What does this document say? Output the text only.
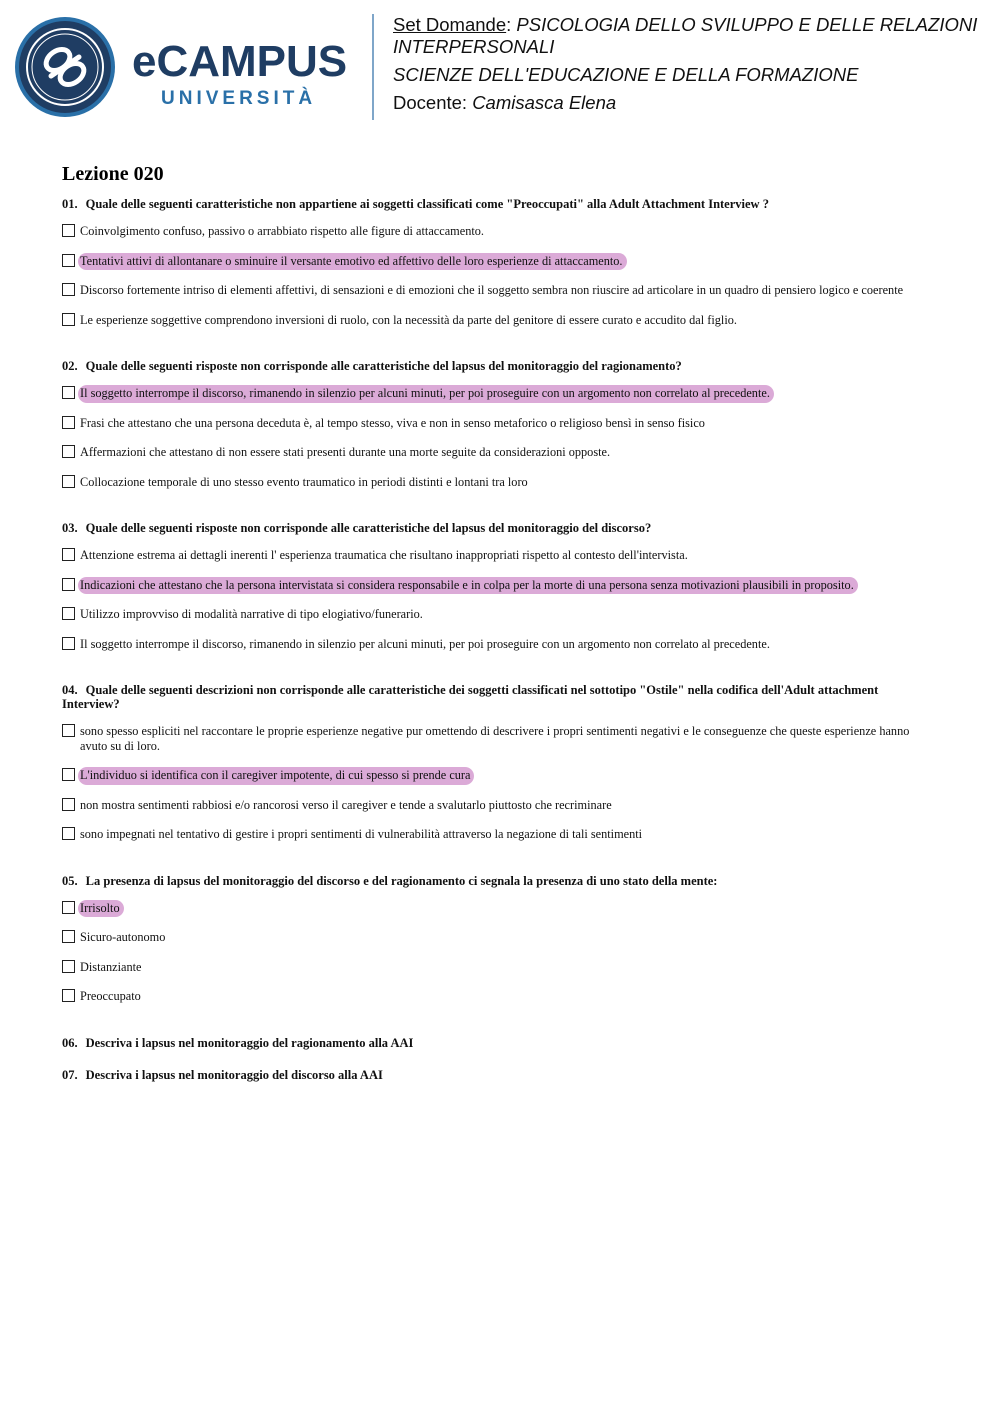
eCAMPUS
UNIVERSITÀ
Set Domande: PSICOLOGIA DELLO SVILUPPO E DELLE RELAZIONI
INTERPERSONALI
SCIENZE DELL'EDUCAZIONE E DELLA FORMAZIONE
Docente: Camisasca Elena
Lezione 020
01. Quale delle seguenti caratteristiche non appartiene ai soggetti classificati come "Preoccupati" alla Adult Attachment Interview ?
Coinvolgimento confuso, passivo o arrabbiato rispetto alle figure di attaccamento.
Tentativi attivi di allontanare o sminuire il versante emotivo ed affettivo delle loro esperienze di attaccamento.
Discorso fortemente intriso di elementi affettivi, di sensazioni e di emozioni che il soggetto sembra non riuscire ad articolare in un quadro di pensiero logico e coerente
Le esperienze soggettive comprendono inversioni di ruolo, con la necessità da parte del genitore di essere curato e accudito dal figlio.
02. Quale delle seguenti risposte non corrisponde alle caratteristiche del lapsus del monitoraggio del ragionamento?
Il soggetto interrompe il discorso, rimanendo in silenzio per alcuni minuti, per poi proseguire con un argomento non correlato al precedente.
Frasi che attestano che una persona deceduta è, al tempo stesso, viva e non in senso metaforico o religioso bensì in senso fisico
Affermazioni che attestano di non essere stati presenti durante una morte seguite da considerazioni opposte.
Collocazione temporale di uno stesso evento traumatico in periodi distinti e lontani tra loro
03. Quale delle seguenti risposte non corrisponde alle caratteristiche del lapsus del monitoraggio del discorso?
Attenzione estrema ai dettagli inerenti l' esperienza traumatica che risultano inappropriati rispetto al contesto dell'intervista.
Indicazioni che attestano che la persona intervistata si considera responsabile e in colpa per la morte di una persona senza motivazioni plausibili in proposito.
Utilizzo improvviso di modalità narrative di tipo elogiativo/funerario.
Il soggetto interrompe il discorso, rimanendo in silenzio per alcuni minuti, per poi proseguire con un argomento non correlato al precedente.
04. Quale delle seguenti descrizioni non corrisponde alle caratteristiche dei soggetti classificati nel sottotipo "Ostile" nella codifica dell'Adult attachment Interview?
sono spesso espliciti nel raccontare le proprie esperienze negative pur omettendo di descrivere i propri sentimenti negativi e le conseguenze che queste esperienze hanno avuto su di loro.
L'individuo si identifica con il caregiver impotente, di cui spesso si prende cura
non mostra sentimenti rabbiosi e/o rancorosi verso il caregiver e tende a svalutarlo piuttosto che recriminare
sono impegnati nel tentativo di gestire i propri sentimenti di vulnerabilità attraverso la negazione di tali sentimenti
05. La presenza di lapsus del monitoraggio del discorso e del ragionamento ci segnala la presenza di uno stato della mente:
Irrisolto
Sicuro-autonomo
Distanziante
Preoccupato
06. Descriva i lapsus nel monitoraggio del ragionamento alla AAI
07. Descriva i lapsus nel monitoraggio del discorso alla AAI
